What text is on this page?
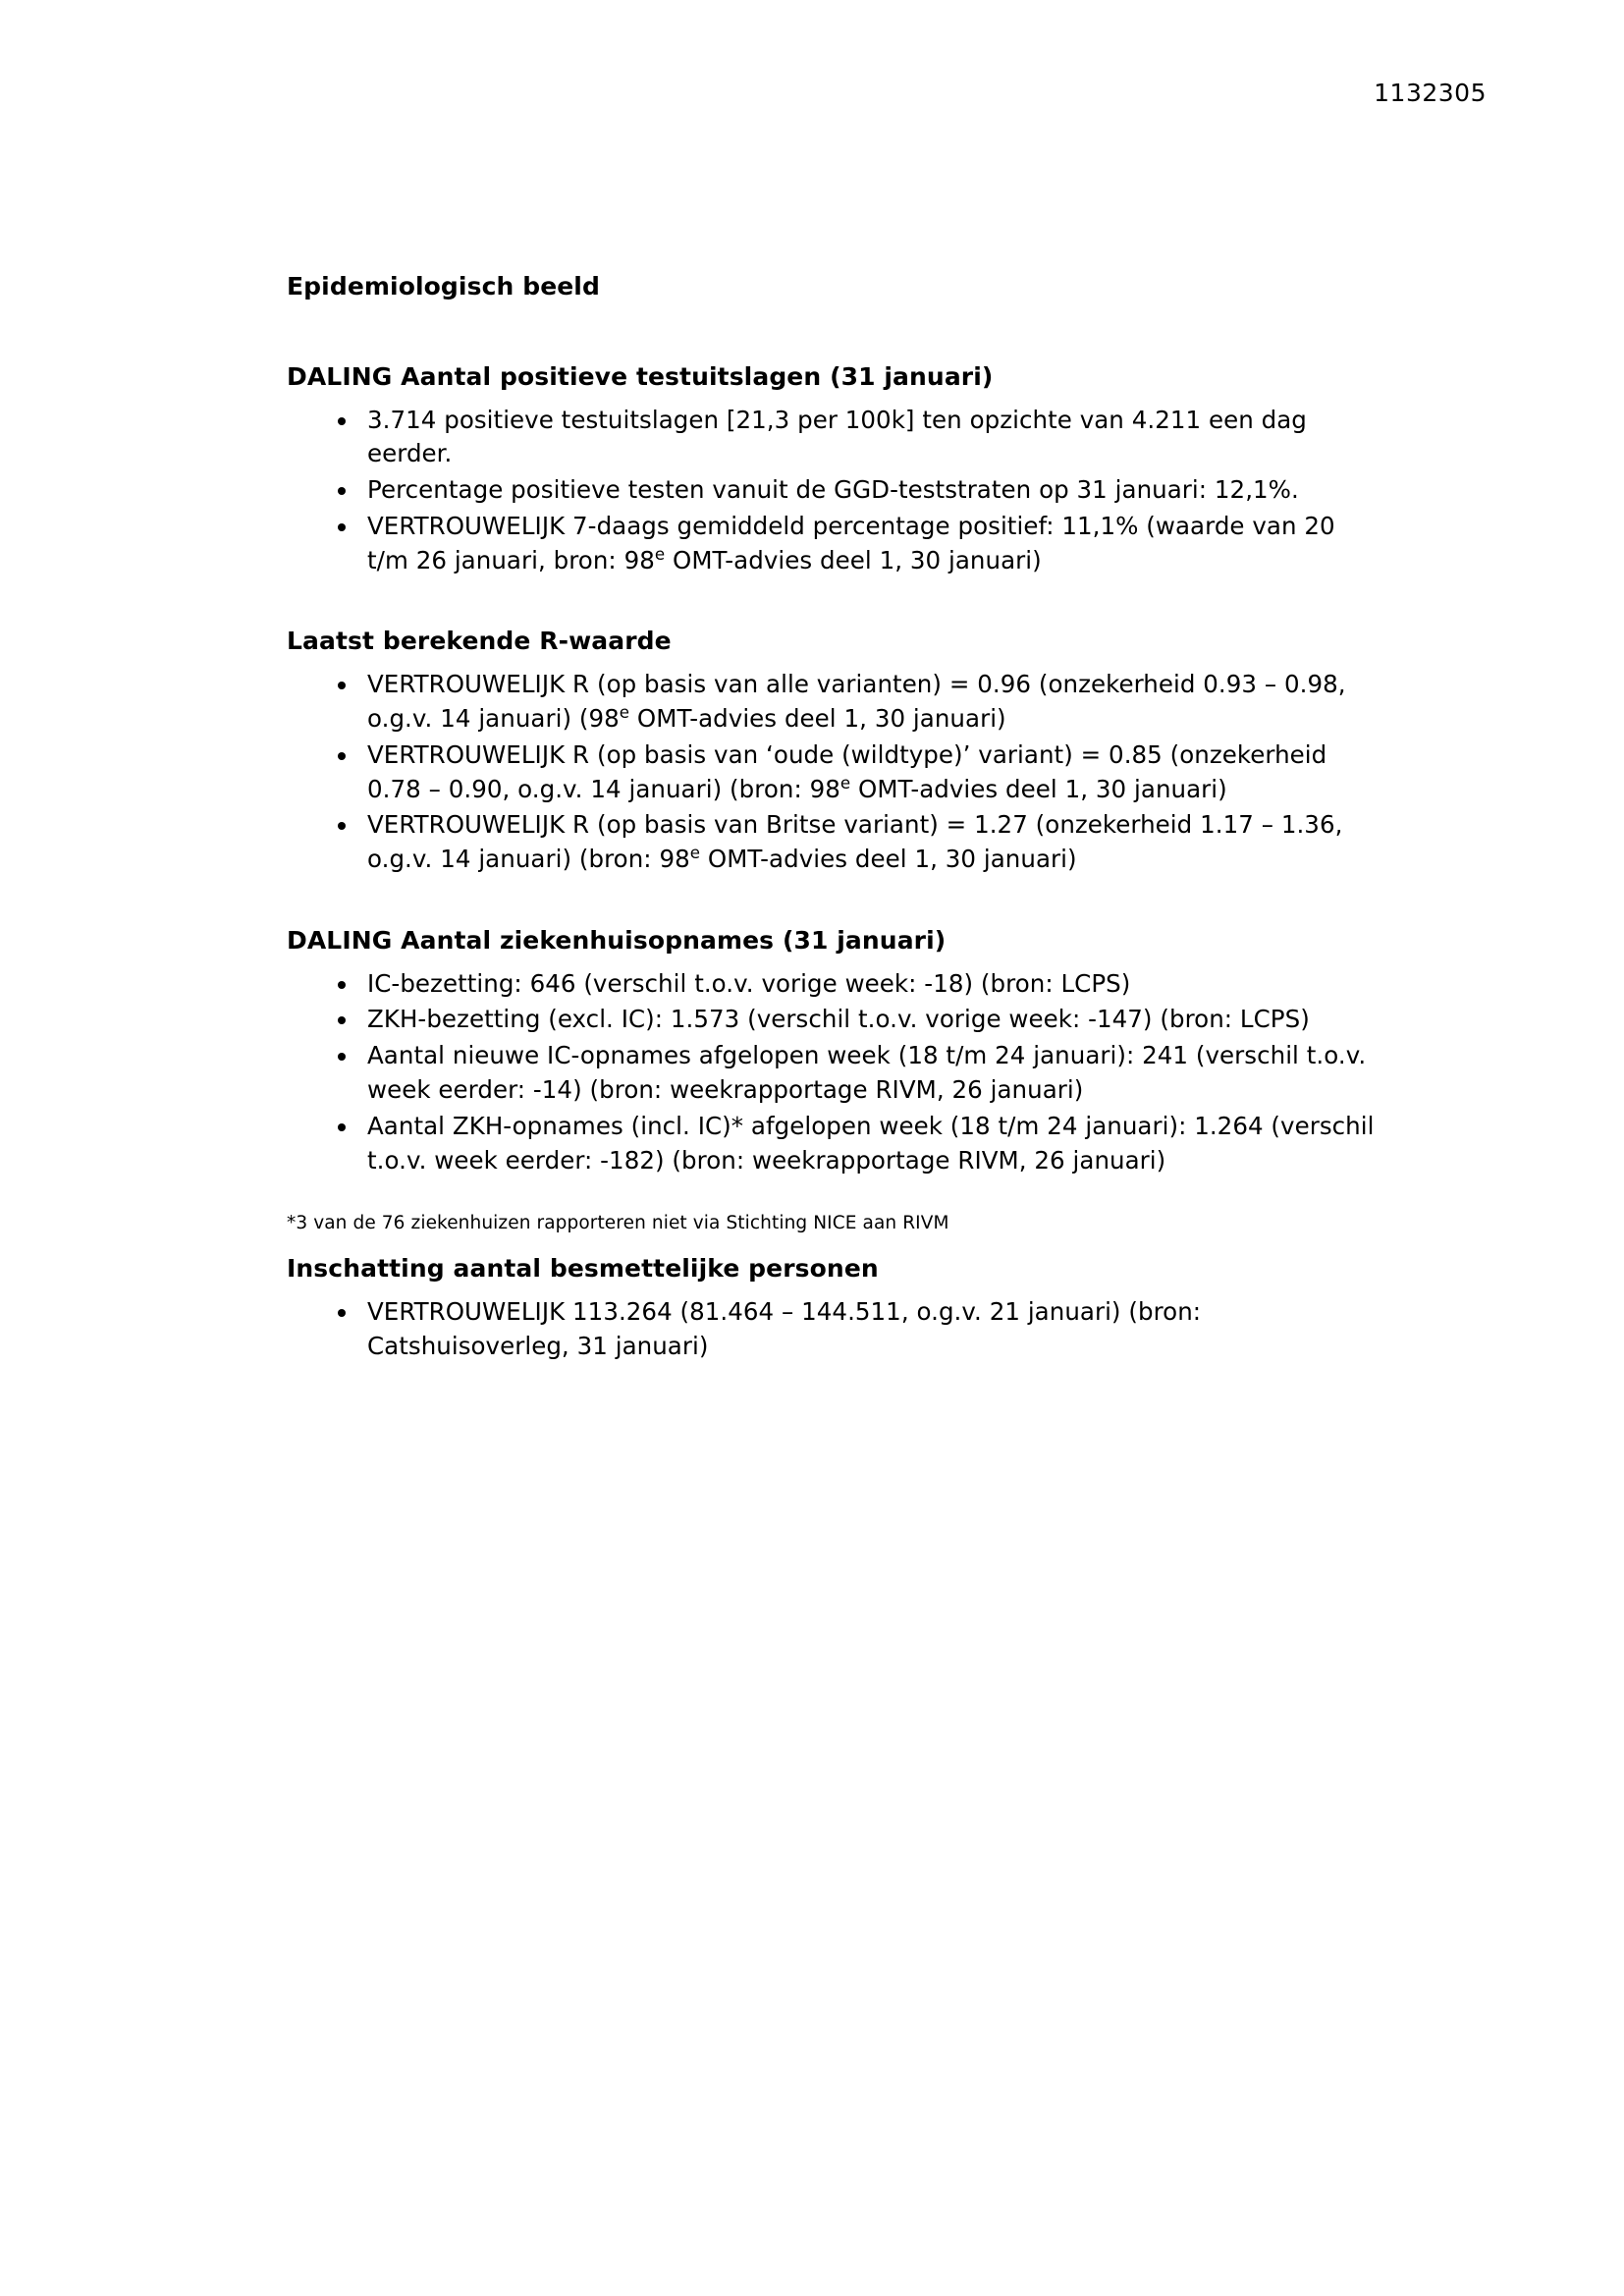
1132305
Epidemiologisch beeld
DALING Aantal positieve testuitslagen (31 januari)
3.714 positieve testuitslagen [21,3 per 100k] ten opzichte van 4.211 een dag eerder.
Percentage positieve testen vanuit de GGD-teststraten op 31 januari: 12,1%.
VERTROUWELIJK 7-daags gemiddeld percentage positief: 11,1% (waarde van 20 t/m 26 januari, bron: 98e OMT-advies deel 1, 30 januari)
Laatst berekende R-waarde
VERTROUWELIJK R (op basis van alle varianten) = 0.96 (onzekerheid 0.93 – 0.98, o.g.v. 14 januari) (98e OMT-advies deel 1, 30 januari)
VERTROUWELIJK R (op basis van ‘oude (wildtype)’ variant) = 0.85 (onzekerheid 0.78 – 0.90, o.g.v. 14 januari) (bron: 98e OMT-advies deel 1, 30 januari)
VERTROUWELIJK R (op basis van Britse variant) = 1.27 (onzekerheid 1.17 – 1.36, o.g.v. 14 januari) (bron: 98e OMT-advies deel 1, 30 januari)
DALING Aantal ziekenhuisopnames (31 januari)
IC-bezetting: 646 (verschil t.o.v. vorige week: -18) (bron: LCPS)
ZKH-bezetting (excl. IC): 1.573 (verschil t.o.v. vorige week: -147) (bron: LCPS)
Aantal nieuwe IC-opnames afgelopen week (18 t/m 24 januari): 241 (verschil t.o.v. week eerder: -14) (bron: weekrapportage RIVM, 26 januari)
Aantal ZKH-opnames (incl. IC)* afgelopen week (18 t/m 24 januari): 1.264 (verschil t.o.v. week eerder: -182) (bron: weekrapportage RIVM, 26 januari)

*3 van de 76 ziekenhuizen rapporteren niet via Stichting NICE aan RIVM

Inschatting aantal besmettelijke personen
VERTROUWELIJK 113.264 (81.464 – 144.511, o.g.v. 21 januari) (bron: Catshuisoverleg, 31 januari)
